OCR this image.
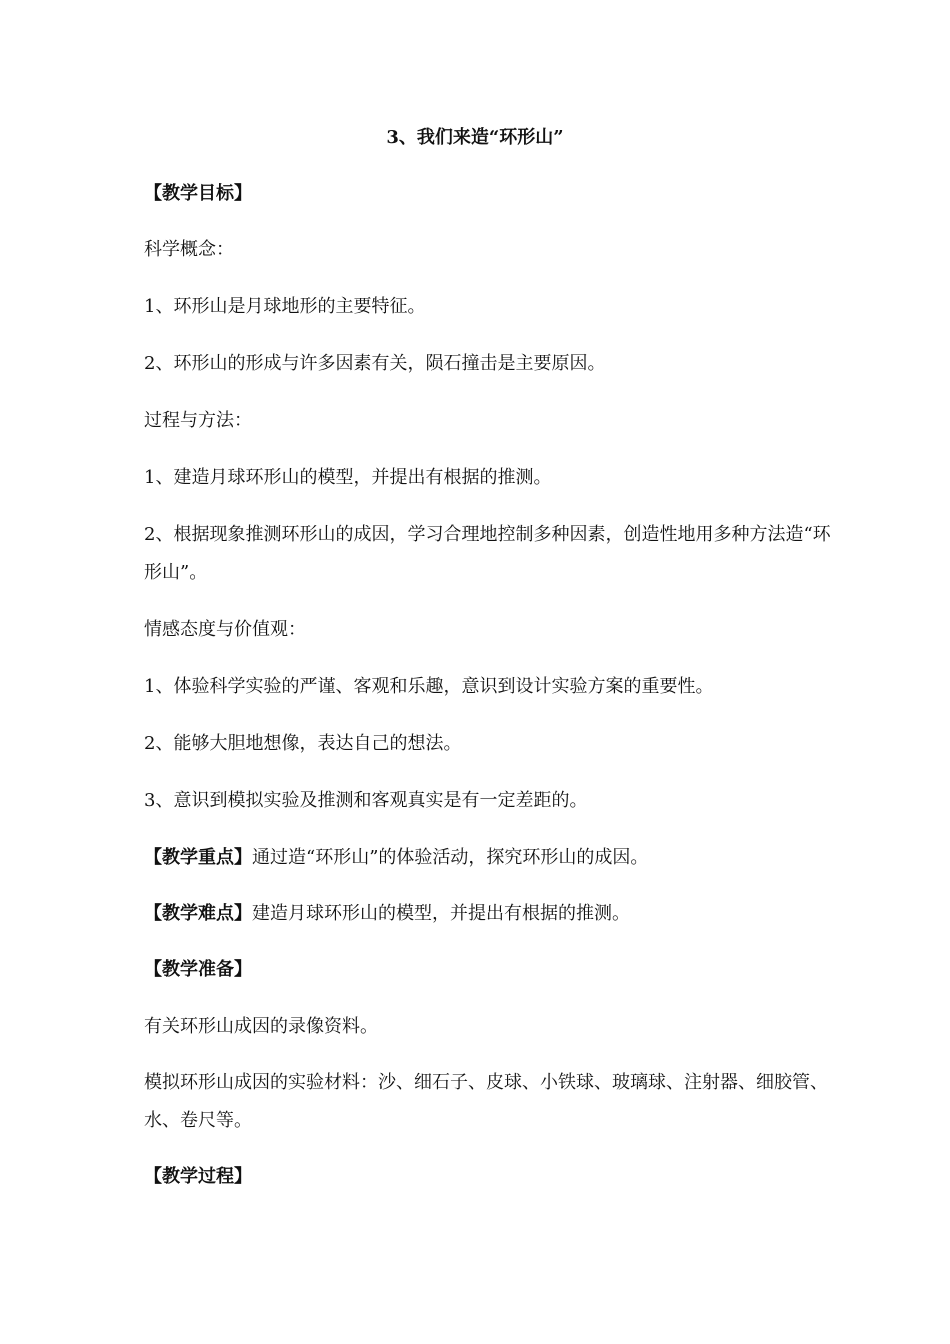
3、我们来造“环形山”
【教学目标】
科学概念：
1、环形山是月球地形的主要特征。
2、环形山的形成与许多因素有关，陨石撞击是主要原因。
过程与方法：
1、建造月球环形山的模型，并提出有根据的推测。
2、根据现象推测环形山的成因，学习合理地控制多种因素，创造性地用多种方法造“环形山”。
情感态度与价值观：
1、体验科学实验的严谨、客观和乐趣，意识到设计实验方案的重要性。
2、能够大胆地想像，表达自己的想法。
3、意识到模拟实验及推测和客观真实是有一定差距的。
【教学重点】通过造“环形山”的体验活动，探究环形山的成因。
【教学难点】建造月球环形山的模型，并提出有根据的推测。
【教学准备】
有关环形山成因的录像资料。
模拟环形山成因的实验材料：沙、细石子、皮球、小铁球、玻璃球、注射器、细胶管、水、卷尺等。
【教学过程】
